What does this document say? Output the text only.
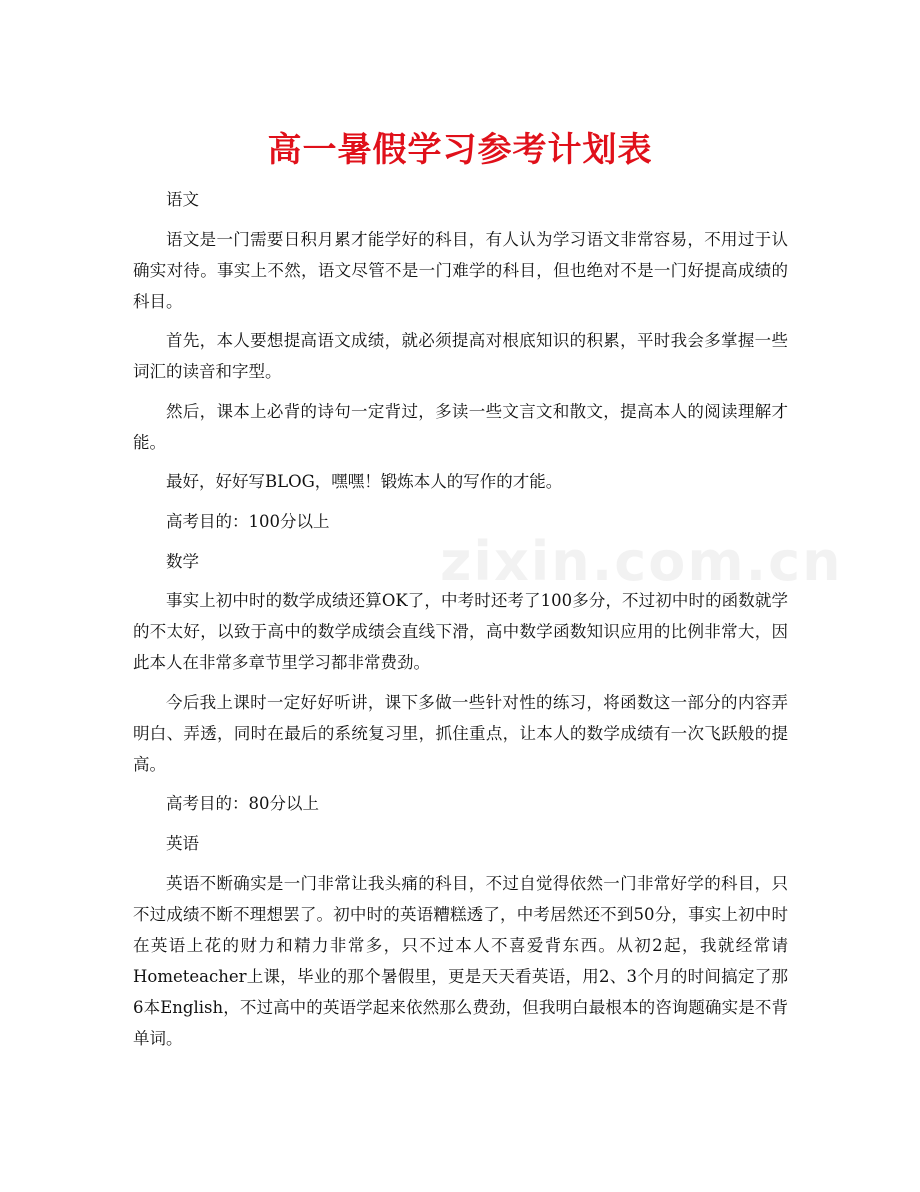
高一暑假学习参考计划表
zixin.com.cn

语文

语文是一门需要日积月累才能学好的科目，有人认为学习语文非常容易，不用过于认确实对待。事实上不然，语文尽管不是一门难学的科目，但也绝对不是一门好提高成绩的科目。

首先，本人要想提高语文成绩，就必须提高对根底知识的积累，平时我会多掌握一些词汇的读音和字型。

然后，课本上必背的诗句一定背过，多读一些文言文和散文，提高本人的阅读理解才能。

最好，好好写BLOG，嘿嘿！锻炼本人的写作的才能。

高考目的：100分以上

数学

事实上初中时的数学成绩还算OK了，中考时还考了100多分，不过初中时的函数就学的不太好，以致于高中的数学成绩会直线下滑，高中数学函数知识应用的比例非常大，因此本人在非常多章节里学习都非常费劲。

今后我上课时一定好好听讲，课下多做一些针对性的练习，将函数这一部分的内容弄明白、弄透，同时在最后的系统复习里，抓住重点，让本人的数学成绩有一次飞跃般的提高。

高考目的：80分以上

英语

英语不断确实是一门非常让我头痛的科目，不过自觉得依然一门非常好学的科目，只不过成绩不断不理想罢了。初中时的英语糟糕透了，中考居然还不到50分，事实上初中时在英语上花的财力和精力非常多，只不过本人不喜爱背东西。从初2起，我就经常请Hometeacher上课，毕业的那个暑假里，更是天天看英语，用2、3个月的时间搞定了那6本English，不过高中的英语学起来依然那么费劲，但我明白最根本的咨询题确实是不背单词。
